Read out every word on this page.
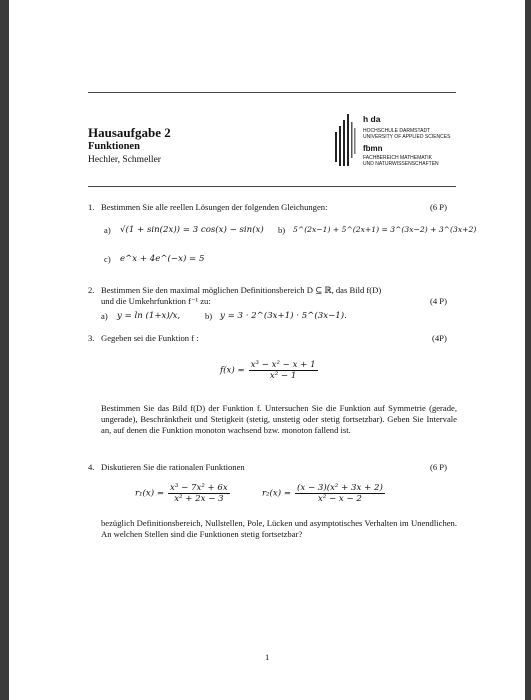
Hausaufgabe 2
Funktionen
Hechler, Schmeller
h da
HOCHSCHULE DARMSTADT
UNIVERSITY OF APPLIED SCIENCES
fbmn
FACHBEREICH MATHEMATIK
UND NATURWISSENSCHAFTEN
1. Bestimmen Sie alle reellen Lösungen der folgenden Gleichungen:	(6 P)
a) √(1 + sin(2x)) = 3 cos(x) − sin(x) b) 5^(2x−1) + 5^(2x+1) = 3^(3x−2) + 3^(3x+2)
c) e^x + 4e^(−x) = 5
2. Bestimmen Sie den maximal möglichen Definitionsbereich D ⊆ ℝ, das Bild f(D)
und die Umkehrfunktion f⁻¹ zu:	(4 P)
a) y = ln (1+x)/x,	b) y = 3 · 2^(3x+1) · 5^(3x−1).
3. Gegeben sei die Funktion f :	(4P)
$f(x) = \frac{\text{x³ − x² − x + 1}}{\text{x² − 1}}$
Bestimmen Sie das Bild f(D) der Funktion f. Untersuchen Sie die Funktion auf Symmetrie (gerade, ungerade), Beschränktheit und Stetigkeit (stetig, unstetig oder stetig fortsetzbar). Geben Sie Intervale an, auf denen die Funktion monoton wachsend bzw. monoton fallend ist.
4. Diskutieren Sie die rationalen Funktionen	(6 P)
$r_1(x) = \frac{\text{x³ − 7x² + 6x}}{\text{x² + 2x − 3}}$	$r_2(x) = \frac{\text{(x − 3)(x² + 3x + 2)}}{\text{x² − x − 2}}$
bezüglich Definitionsbereich, Nullstellen, Pole, Lücken und asymptotisches Verhalten im Unendlichen. An welchen Stellen sind die Funktionen stetig fortsetzbar?
1
